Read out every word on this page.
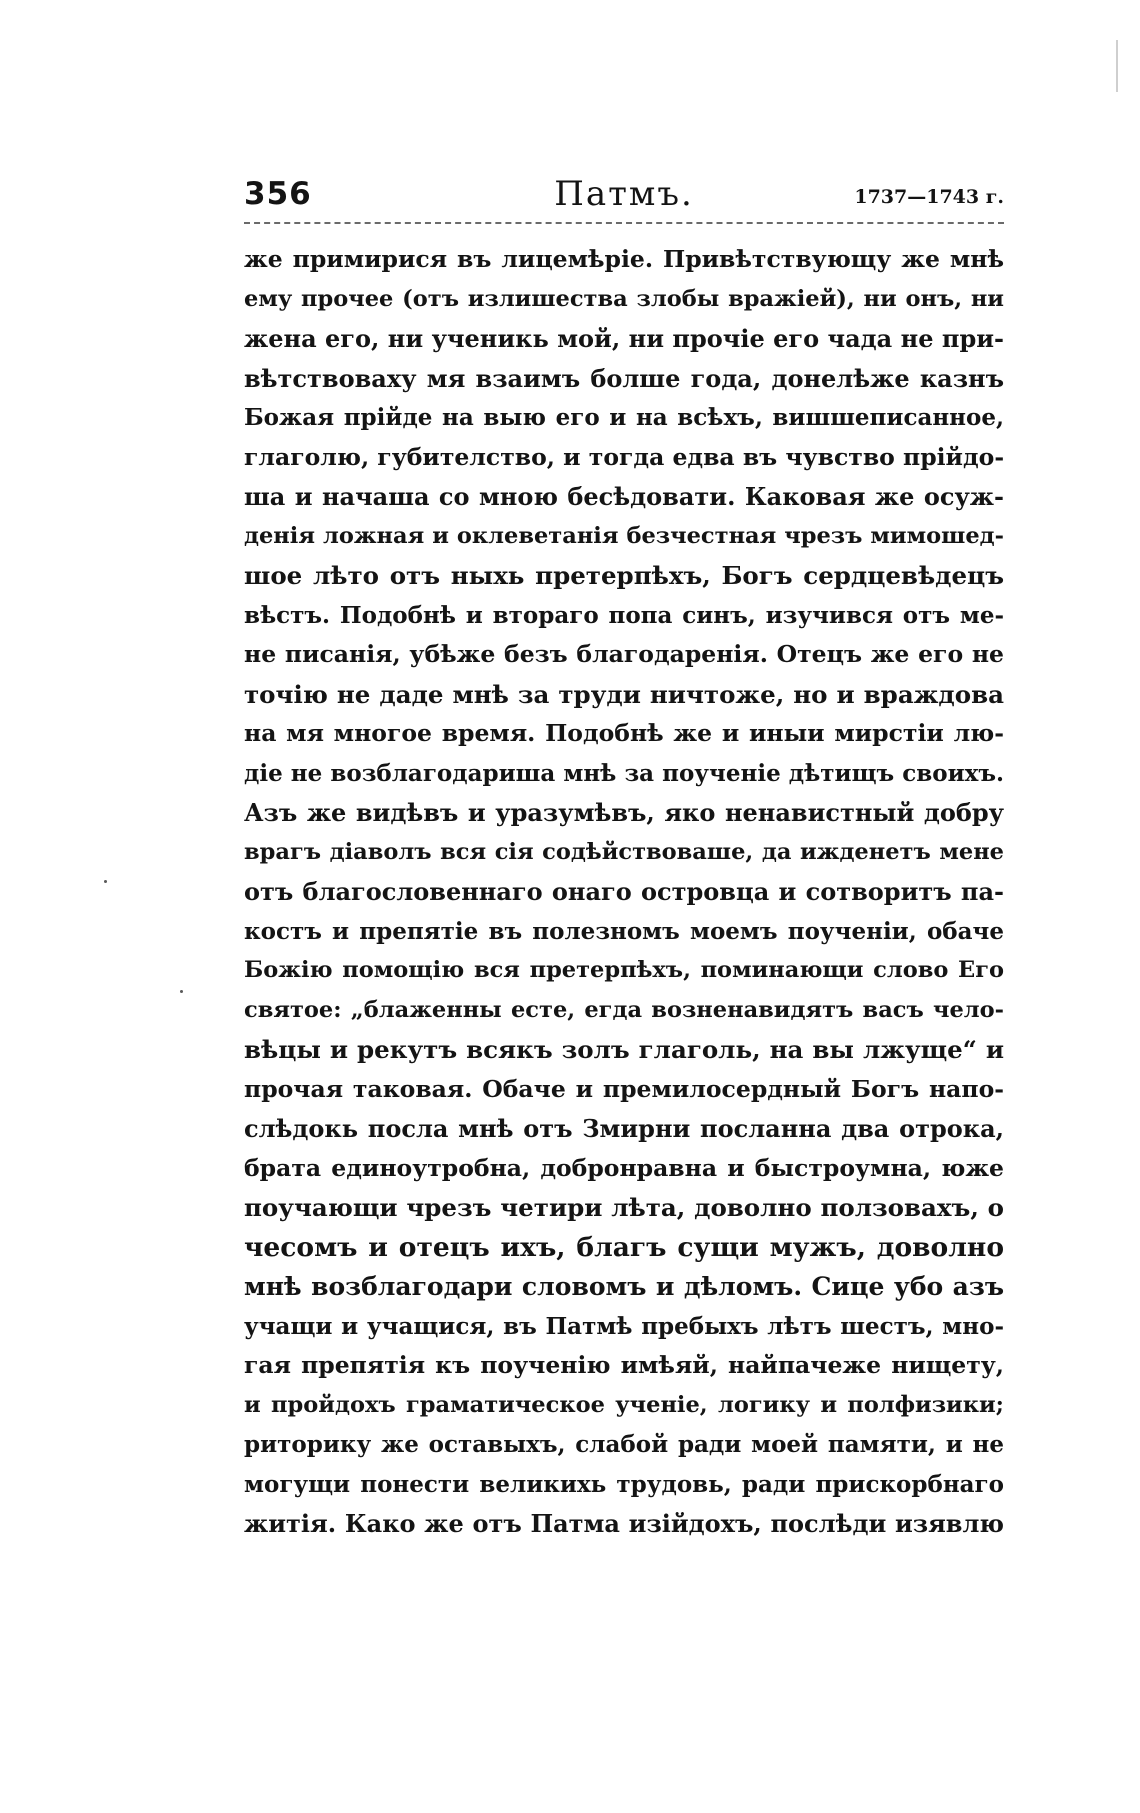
356	Патмъ.	1737—1743 г.
же примирися въ лицемѣріе. Привѣтствующу же мнѣ
ему прочее (отъ излишества злобы вражіей), ни онъ, ни
жена его, ни ученикь мой, ни прочіе его чада не при-
вѣтствоваху мя взаимъ болше года, донелѣже казнъ
Божая прійде на выю его и на всѣхъ, вишшеписанное,
глаголю, губителство, и тогда едва въ чувство прійдо-
ша и начаша со мною бесѣдовати. Каковая же осуж-
денія ложная и оклеветанія безчестная чрезъ мимошед-
шое лѣто отъ ныхь претерпѣхъ, Богъ сердцевѣдецъ
вѣстъ. Подобнѣ и втораго попа синъ, изучився отъ ме-
не писанія, убѣже безъ благодаренія. Отецъ же его не
точію не даде мнѣ за труди ничтоже, но и враждова
на мя многое время. Подобнѣ же и иныи мирстіи лю-
діе не возблагодариша мнѣ за поученіе дѣтищъ своихъ.
Азъ же видѣвъ и уразумѣвъ, яко ненавистный добру
врагъ діаволъ вся сія содѣйствоваше, да ижденетъ мене
отъ благословеннаго онаго островца и сотворитъ па-
костъ и препятіе въ полезномъ моемъ поученіи, обаче
Божію помощію вся претерпѣхъ, поминающи слово Его
святое: „блаженны есте, егда возненавидятъ васъ чело-
вѣцы и рекутъ всякъ золъ глаголь, на вы лжуще“ и
прочая таковая. Обаче и премилосердный Богъ напо-
слѣдокь посла мнѣ отъ Змирни посланна два отрока,
брата единоутробна, добронравна и быстроумна, юже
поучающи чрезъ четири лѣта, доволно ползовахъ, о
чесомъ и отецъ ихъ, благъ сущи мужъ, доволно
мнѣ возблагодари словомъ и дѣломъ. Сице убо азъ
учащи и учащися, въ Патмѣ пребыхъ лѣтъ шестъ, мно-
гая препятія къ поученію имѣяй, найпачеже нищету,
и пройдохъ граматическое ученіе, логику и полфизики;
риторику же оставыхъ, слабой ради моей памяти, и не
могущи понести великихь трудовь, ради прискорбнаго
житія. Како же отъ Патма изійдохъ, послѣди изявлю
